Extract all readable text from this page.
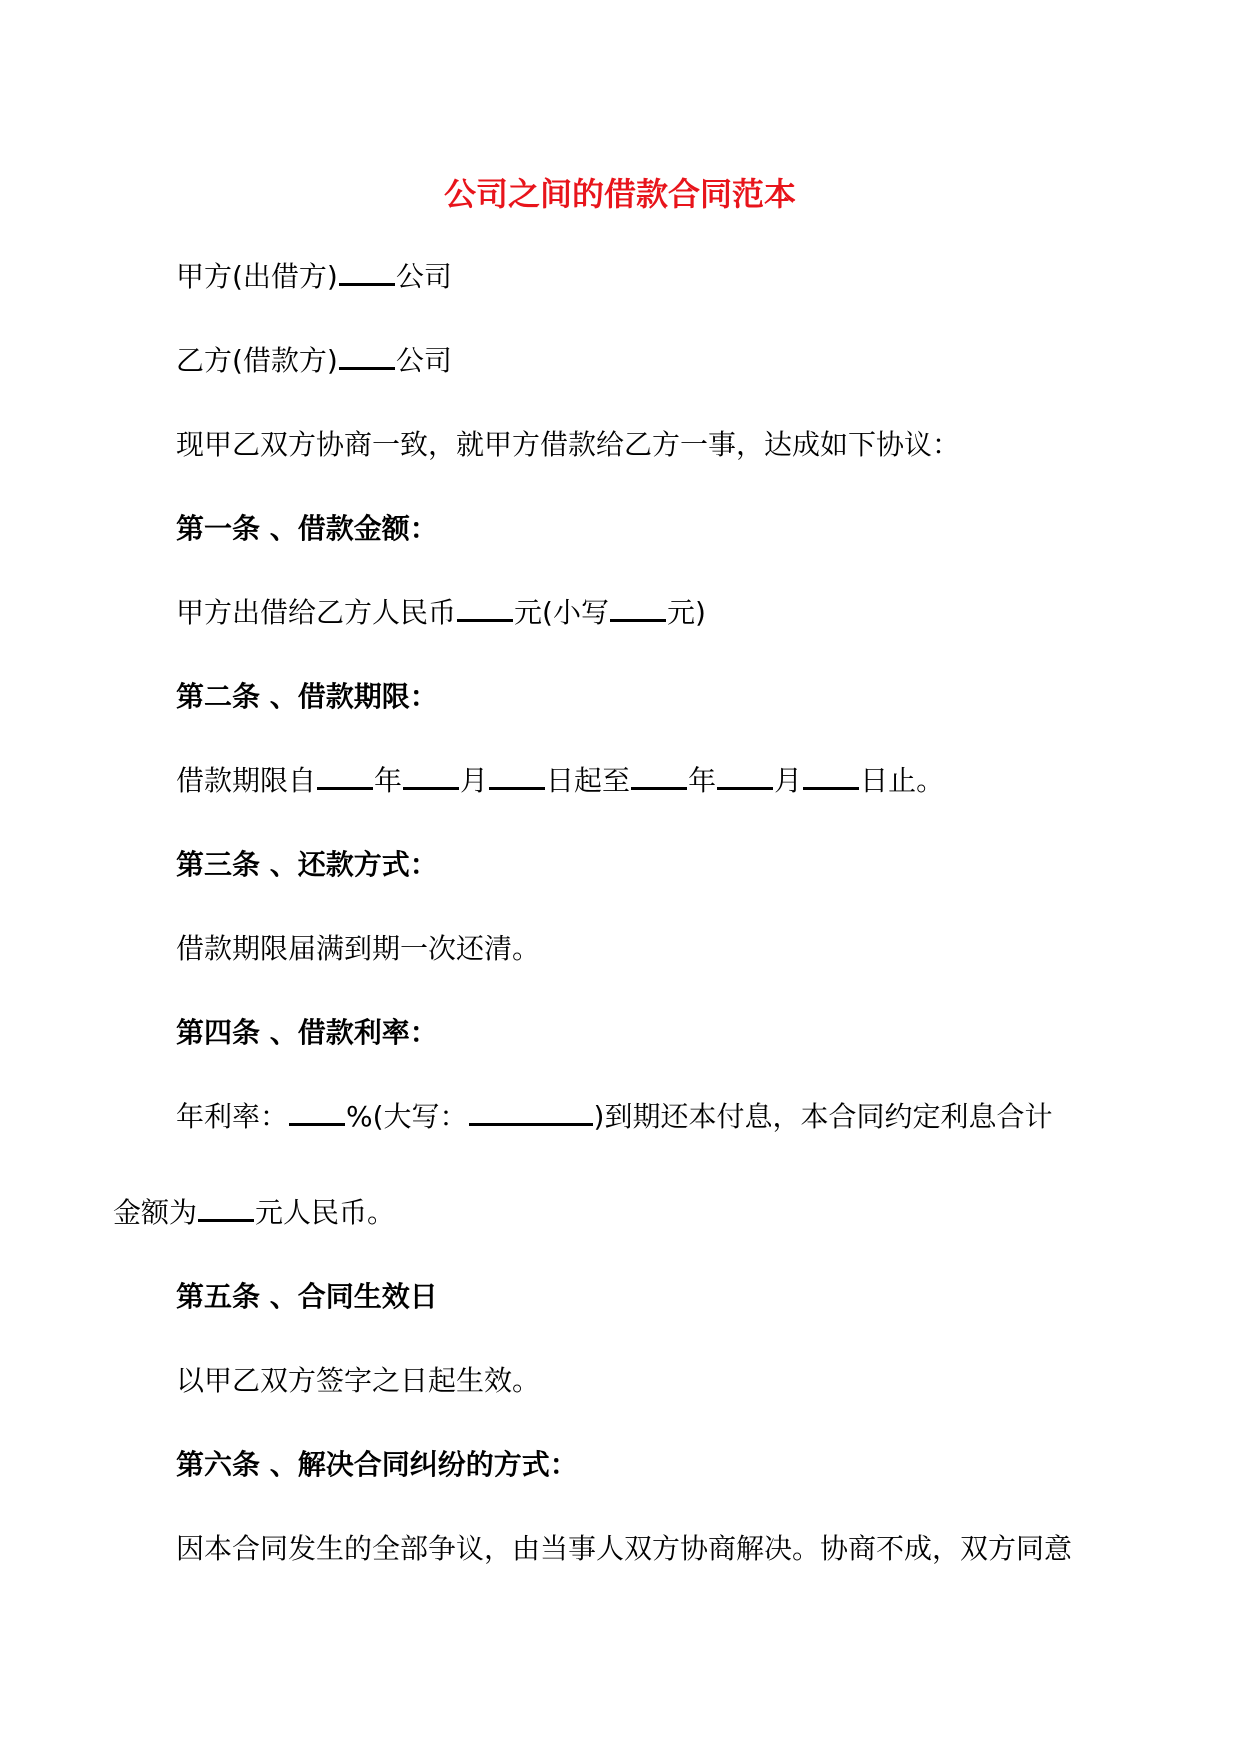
公司之间的借款合同范本
甲方(出借方) 公司
乙方(借款方) 公司
现甲乙双方协商一致，就甲方借款给乙方一事，达成如下协议：
第一条 、借款金额：
甲方出借给乙方人民币 元(小写 元)
第二条 、借款期限：
借款期限自 年 月 日起至 年 月 日止。
第三条 、还款方式：
借款期限届满到期一次还清。
第四条 、借款利率：
年利率： %(大写：	)到期还本付息，本合同约定利息合计
金额为 元人民币。
第五条 、合同生效日
以甲乙双方签字之日起生效。
第六条 、解决合同纠纷的方式：
因本合同发生的全部争议，由当事人双方协商解决。协商不成，双方同意
